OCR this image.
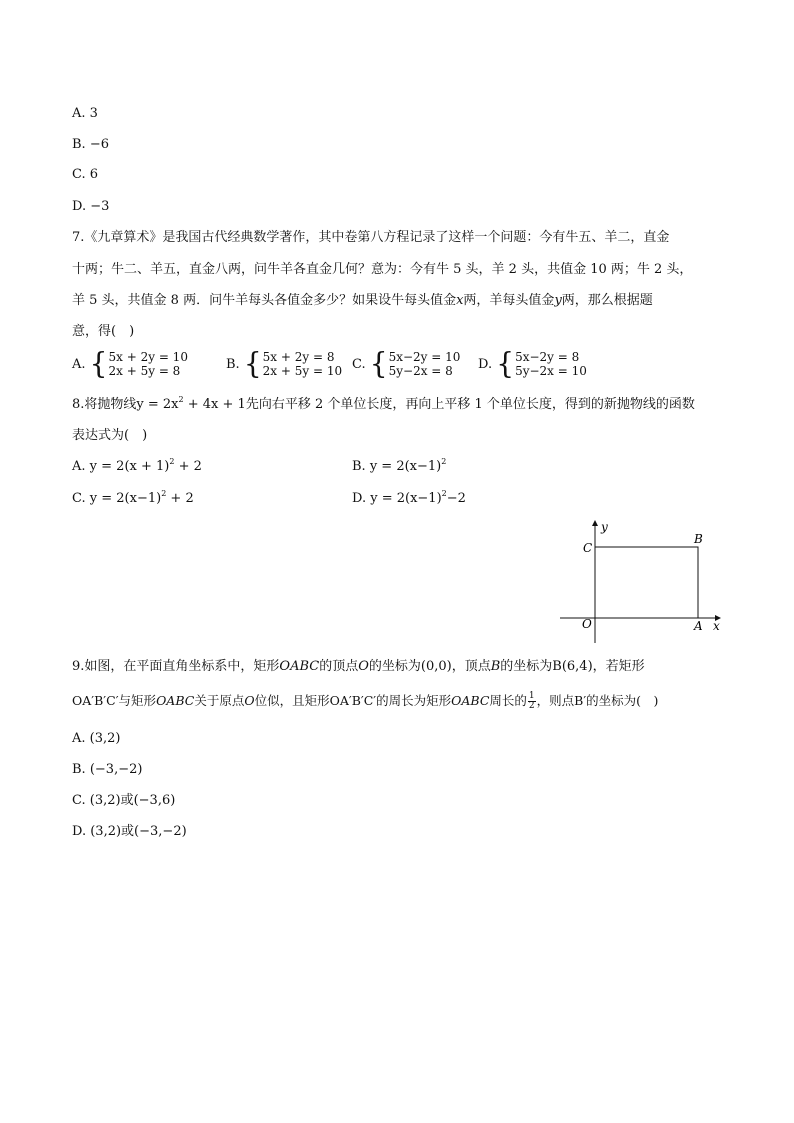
A. 3
B. −6
C. 6
D. −3
7.《九章算术》是我国古代经典数学著作，其中卷第八方程记录了这样一个问题：今有牛五、羊二，直金
十两；牛二、羊五，直金八两，问牛羊各直金几何？意为：今有牛 5 头，羊 2 头，共值金 10 两；牛 2 头，
羊 5 头，共值金 8 两．问牛羊每头各值金多少？如果设牛每头值金x两，羊每头值金y两，那么根据题
意，得(　)
A.
{ 5x + 2y = 10
2x + 5y = 8	B.
{ 5x + 2y = 8
2x + 5y = 10 C.
{ 5x−2y = 10
5y−2x = 8	D.
{ 5x−2y = 8
5y−2x = 10
8.将抛物线$y = 2x^2 + 4x + 1$先向右平移 2 个单位长度，再向上平移 1 个单位长度，得到的新抛物线的函数
表达式为(　)
A. $y = 2(x + 1)^2 + 2$	B. $y = 2(x-1)^2$
C. $y = 2(x-1)^2 + 2$	D. $y = 2(x-1)^2-2$
y
x
C
B
O	A
9.如图，在平面直角坐标系中，矩形OABC的顶点O的坐标为(0,0)，顶点B的坐标为B(6,4)，若矩形
OA′B′C′与矩形OABC关于原点O位似，且矩形OA′B′C′的周长为矩形OABC周长的 $\frac{1}{2}$ ，则点B′的坐标为(　)
A. (3,2)
B. (−3,−2)
C. (3,2)或(−3,6)
D. (3,2)或(−3,−2)
